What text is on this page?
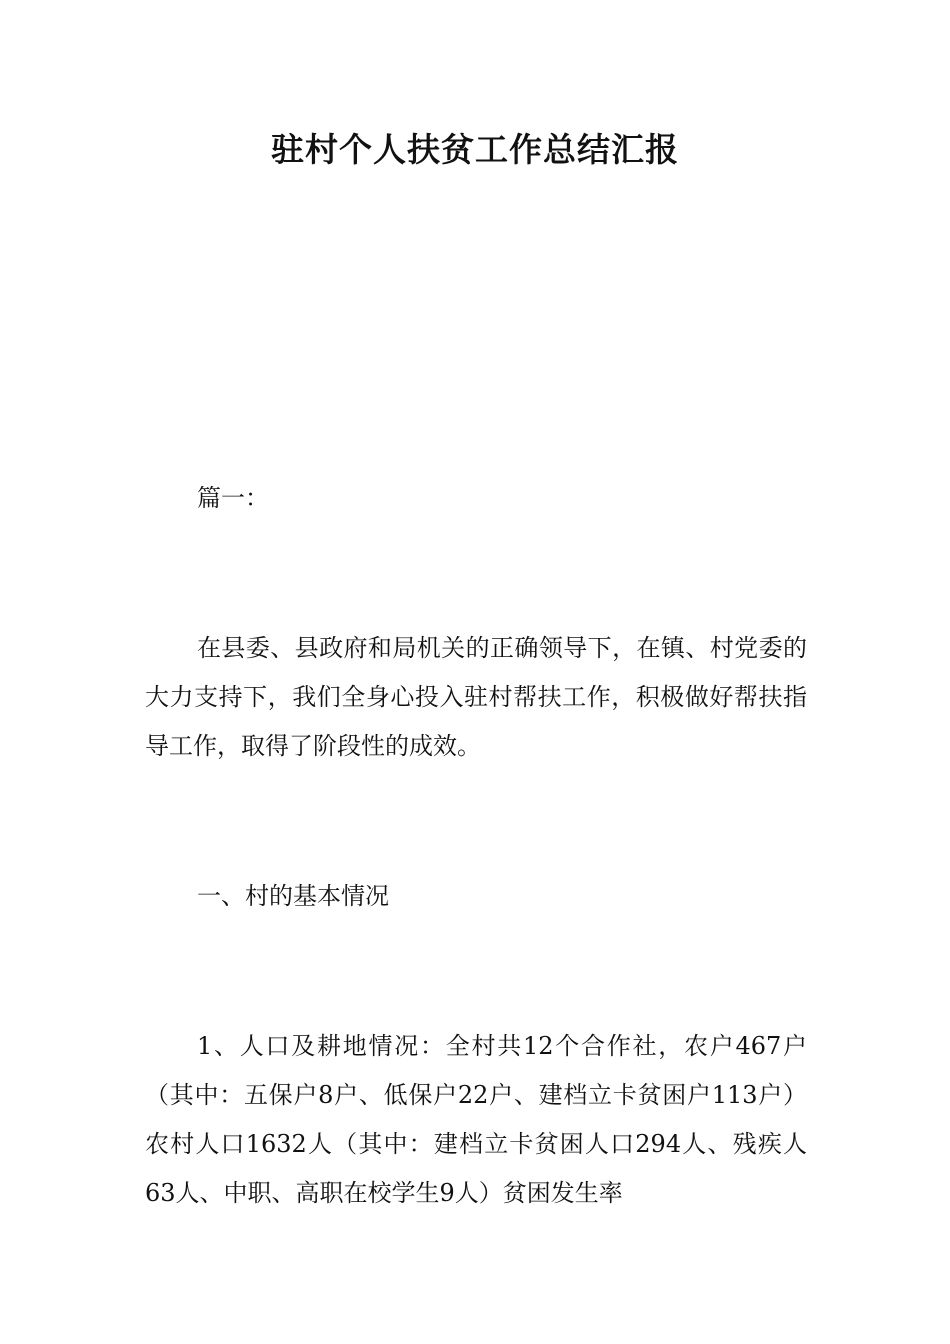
驻村个人扶贫工作总结汇报

篇一：

在县委、县政府和局机关的正确领导下，在镇、村党委的大力支持下，我们全身心投入驻村帮扶工作，积极做好帮扶指导工作，取得了阶段性的成效。

一、村的基本情况

1、人口及耕地情况：全村共12个合作社，农户467户（其中：五保户8户、低保户22户、建档立卡贫困户113户）农村人口1632人（其中：建档立卡贫困人口294人、残疾人63人、中职、高职在校学生9人）贫困发生率
